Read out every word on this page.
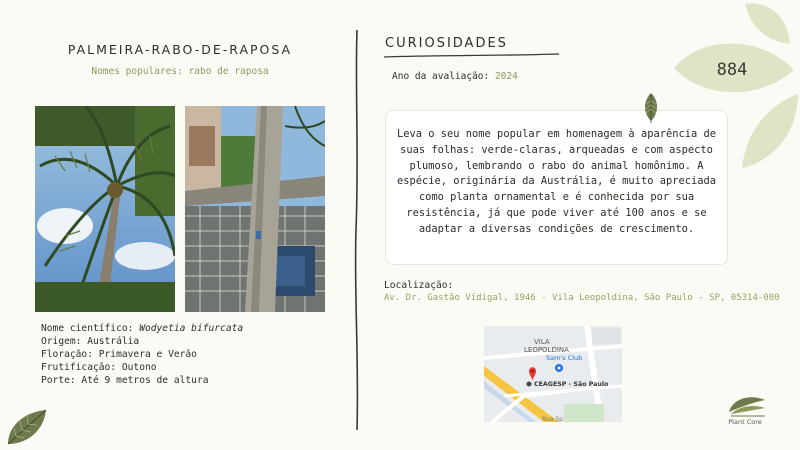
PALMEIRA-RABO-DE-RAPOSA
Nomes populares: rabo de raposa
Nome científico: Wodyetia bifurcata
Origem: Austrália
Floração: Primavera e Verão
Frutificação: Outono
Porte: Até 9 metros de altura
CURIOSIDADES
Ano da avaliação: 2024
Leva o seu nome popular em homenagem à aparência de suas folhas: verde-claras, arqueadas e com aspecto plumoso, lembrando o rabo do animal homônimo. A espécie, originária da Austrália, é muito apreciada como planta ornamental e é conhecida por sua resistência, já que pode viver até 100 anos e se adaptar a diversas condições de crescimento.
Localização:
Av. Dr. Gastão Vidigal, 1946 - Vila Leopoldina, São Paulo - SP, 05314-000
VILA
LEOPOLDINA
Sam's Club
CEAGESP - São Paulo
Rua Sp
884
Plant Core
